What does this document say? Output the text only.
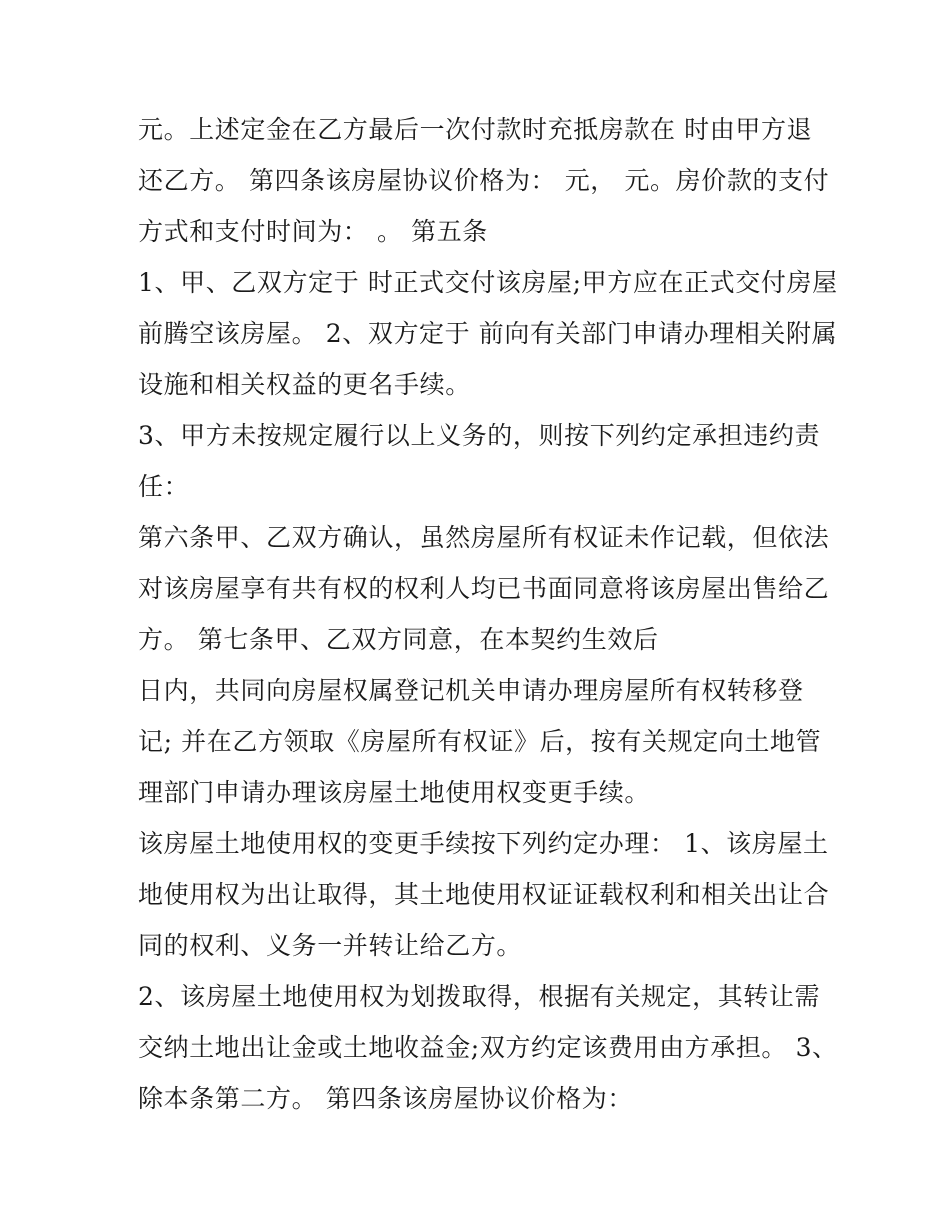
元。上述定金在乙方最后一次付款时充抵房款在 时由甲方退
还乙方。 第四条该房屋协议价格为： 元， 元。房价款的支付
方式和支付时间为： 。 第五条
1、甲、乙双方定于 时正式交付该房屋;甲方应在正式交付房屋
前腾空该房屋。 2、双方定于 前向有关部门申请办理相关附属
设施和相关权益的更名手续。
3、甲方未按规定履行以上义务的，则按下列约定承担违约责
任：
第六条甲、乙双方确认，虽然房屋所有权证未作记载，但依法
对该房屋享有共有权的权利人均已书面同意将该房屋出售给乙
方。 第七条甲、乙双方同意，在本契约生效后
日内，共同向房屋权属登记机关申请办理房屋所有权转移登
记; 并在乙方领取《房屋所有权证》后，按有关规定向土地管
理部门申请办理该房屋土地使用权变更手续。
该房屋土地使用权的变更手续按下列约定办理： 1、该房屋土
地使用权为出让取得，其土地使用权证证载权利和相关出让合
同的权利、义务一并转让给乙方。
2、该房屋土地使用权为划拨取得，根据有关规定，其转让需
交纳土地出让金或土地收益金;双方约定该费用由方承担。 3、
除本条第二方。 第四条该房屋协议价格为：
